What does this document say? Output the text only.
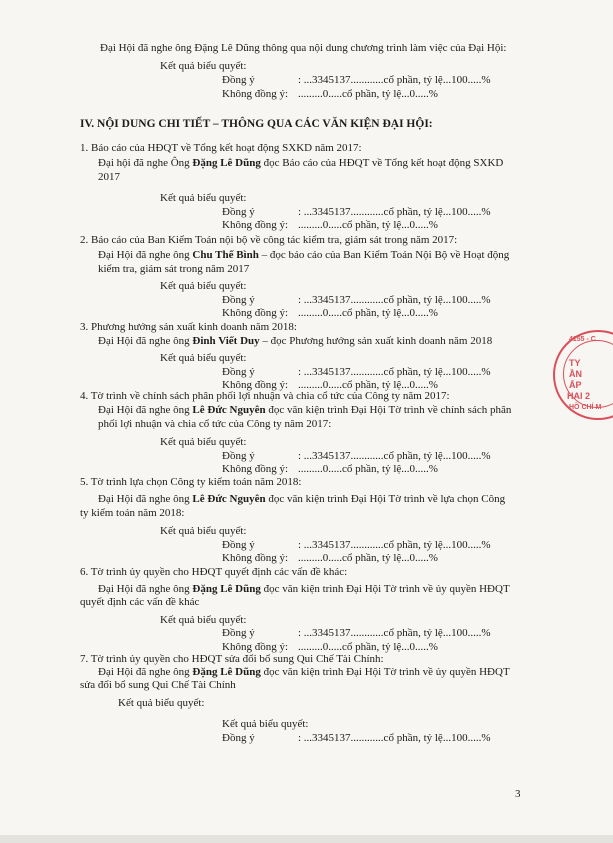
Đại Hội đã nghe ông Đặng Lê Dũng thông qua nội dung chương trình làm việc của Đại Hội:
Kết quả biểu quyết:
Đồng ý	: ...3345137............cổ phần, tỷ lệ...100.....%
Không đồng ý: .........0.....cổ phần, tỷ lệ...0.....%
IV. NỘI DUNG CHI TIẾT – THÔNG QUA CÁC VĂN KIỆN ĐẠI HỘI:
1. Báo cáo của HĐQT về Tổng kết hoạt động SXKD năm 2017:
Đại hội đã nghe Ông Đặng Lê Dũng đọc Báo cáo của HĐQT về Tổng kết hoạt động SXKD
2017
Kết quả biểu quyết:
Đồng ý	: ...3345137............cổ phần, tỷ lệ...100.....%
Không đồng ý: .........0.....cổ phần, tỷ lệ...0.....%
2. Báo cáo của Ban Kiểm Toán nội bộ về công tác kiểm tra, giám sát trong năm 2017:
Đại Hội đã nghe ông Chu Thế Bình – đọc báo cáo của Ban Kiểm Toán Nội Bộ về Hoạt động
kiểm tra, giám sát trong năm 2017
Kết quả biểu quyết:
Đồng ý	: ...3345137............cổ phần, tỷ lệ...100.....%
Không đồng ý: .........0.....cổ phần, tỷ lệ...0.....%
3. Phương hướng sản xuất kinh doanh năm 2018:
Đại Hội đã nghe ông Đinh Viết Duy – đọc Phương hướng sản xuất kinh doanh năm 2018
Kết quả biểu quyết:
Đồng ý	: ...3345137............cổ phần, tỷ lệ...100.....%
Không đồng ý: .........0.....cổ phần, tỷ lệ...0.....%
4. Tờ trình về chính sách phân phối lợi nhuận và chia cổ tức của Công ty năm 2017:
Đại Hội đã nghe ông Lê Đức Nguyên đọc văn kiện trình Đại Hội Tờ trình về chính sách phân
phối lợi nhuận và chia cổ tức của Công ty năm 2017:
Kết quả biểu quyết:
Đồng ý	: ...3345137............cổ phần, tỷ lệ...100.....%
Không đồng ý: .........0.....cổ phần, tỷ lệ...0.....%
5. Tờ trình lựa chọn Công ty kiểm toán năm 2018:
Đại Hội đã nghe ông Lê Đức Nguyên đọc văn kiện trình Đại Hội Tờ trình về lựa chọn Công
ty kiểm toán năm 2018:
Kết quả biểu quyết:
Đồng ý	: ...3345137............cổ phần, tỷ lệ...100.....%
Không đồng ý: .........0.....cổ phần, tỷ lệ...0.....%
6. Tờ trình ủy quyền cho HĐQT quyết định các vấn đề khác:
Đại Hội đã nghe ông Đặng Lê Dũng đọc văn kiện trình Đại Hội Tờ trình về ủy quyền HĐQT
quyết định các vấn đề khác
Kết quả biểu quyết:
Đồng ý	: ...3345137............cổ phần, tỷ lệ...100.....%
Không đồng ý: .........0.....cổ phần, tỷ lệ...0.....%
7. Tờ trình ủy quyền cho HĐQT sửa đổi bổ sung Qui Chế Tài Chính:
Đại Hội đã nghe ông Đặng Lê Dũng đọc văn kiện trình Đại Hội Tờ trình về ủy quyền HĐQT
sửa đổi bổ sung Qui Chế Tài Chính
Kết quả biểu quyết:
Kết quả biểu quyết:
Đồng ý	: ...3345137............cổ phần, tỷ lệ...100.....%
3
4155 - C
TY
ẦN
ẤP
HAI 2
HỒ CHÍ M
